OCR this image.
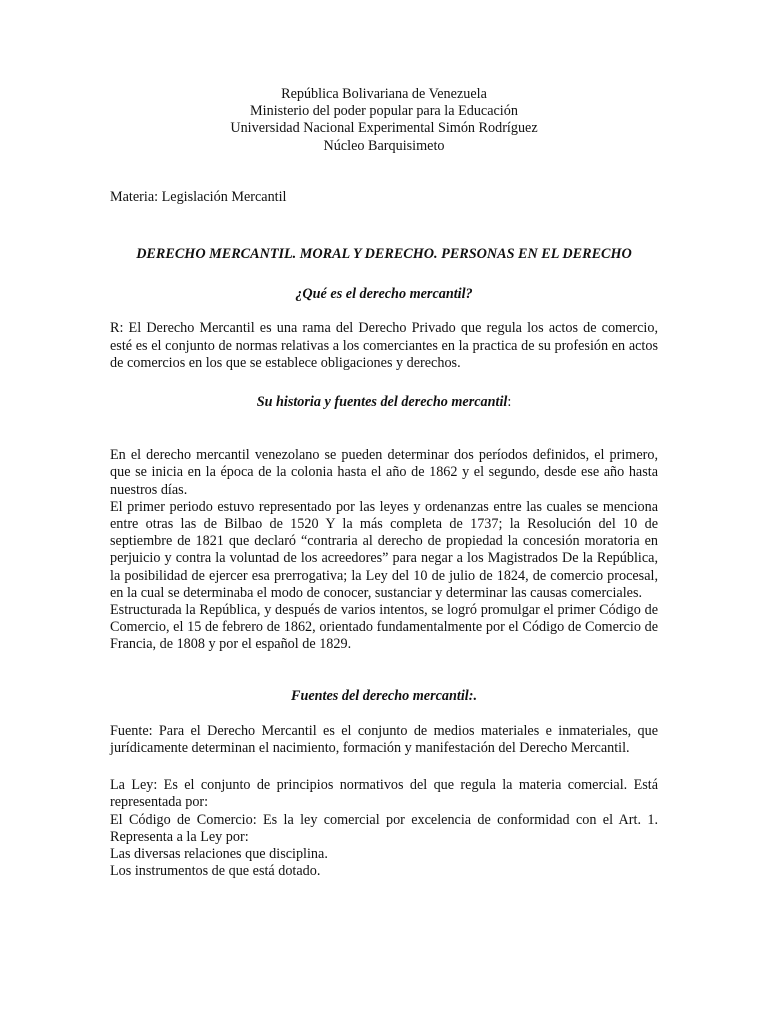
República Bolivariana de Venezuela
Ministerio del poder popular para la Educación
Universidad Nacional Experimental Simón Rodríguez
Núcleo Barquisimeto

Materia: Legislación Mercantil

DERECHO MERCANTIL. MORAL Y DERECHO. PERSONAS EN EL DERECHO

¿Qué es el derecho mercantil?

R: El Derecho Mercantil es una rama del Derecho Privado que regula los actos de comercio, esté es el conjunto de normas relativas a los comerciantes en la practica de su profesión en actos de comercios en los que se establece obligaciones y derechos.

Su historia y fuentes del derecho mercantil:

En el derecho mercantil venezolano se pueden determinar dos períodos definidos, el primero, que se inicia en la época de la colonia hasta el año de 1862 y el segundo, desde ese año hasta nuestros días.

El primer periodo estuvo representado por las leyes y ordenanzas entre las cuales se menciona entre otras las de Bilbao de 1520 Y la más completa de 1737; la Resolución del 10 de septiembre de 1821 que declaró “contraria al derecho de propiedad la concesión moratoria en perjuicio y contra la voluntad de los acreedores” para negar a los Magistrados De la República, la posibilidad de ejercer esa prerrogativa; la Ley del 10 de julio de 1824, de comercio procesal, en la cual se determinaba el modo de conocer, sustanciar y determinar las causas comerciales.

Estructurada la República, y después de varios intentos, se logró promulgar el primer Código de Comercio, el 15 de febrero de 1862, orientado fundamentalmente por el Código de Comercio de Francia, de 1808 y por el español de 1829.

Fuentes del derecho mercantil:.

Fuente: Para el Derecho Mercantil es el conjunto de medios materiales e inmateriales, que jurídicamente determinan el nacimiento, formación y manifestación del Derecho Mercantil.

La Ley: Es el conjunto de principios normativos del que regula la materia comercial. Está representada por:

El Código de Comercio: Es la ley comercial por excelencia de conformidad con el Art. 1. Representa a la Ley por:

Las diversas relaciones que disciplina.

Los instrumentos de que está dotado.
